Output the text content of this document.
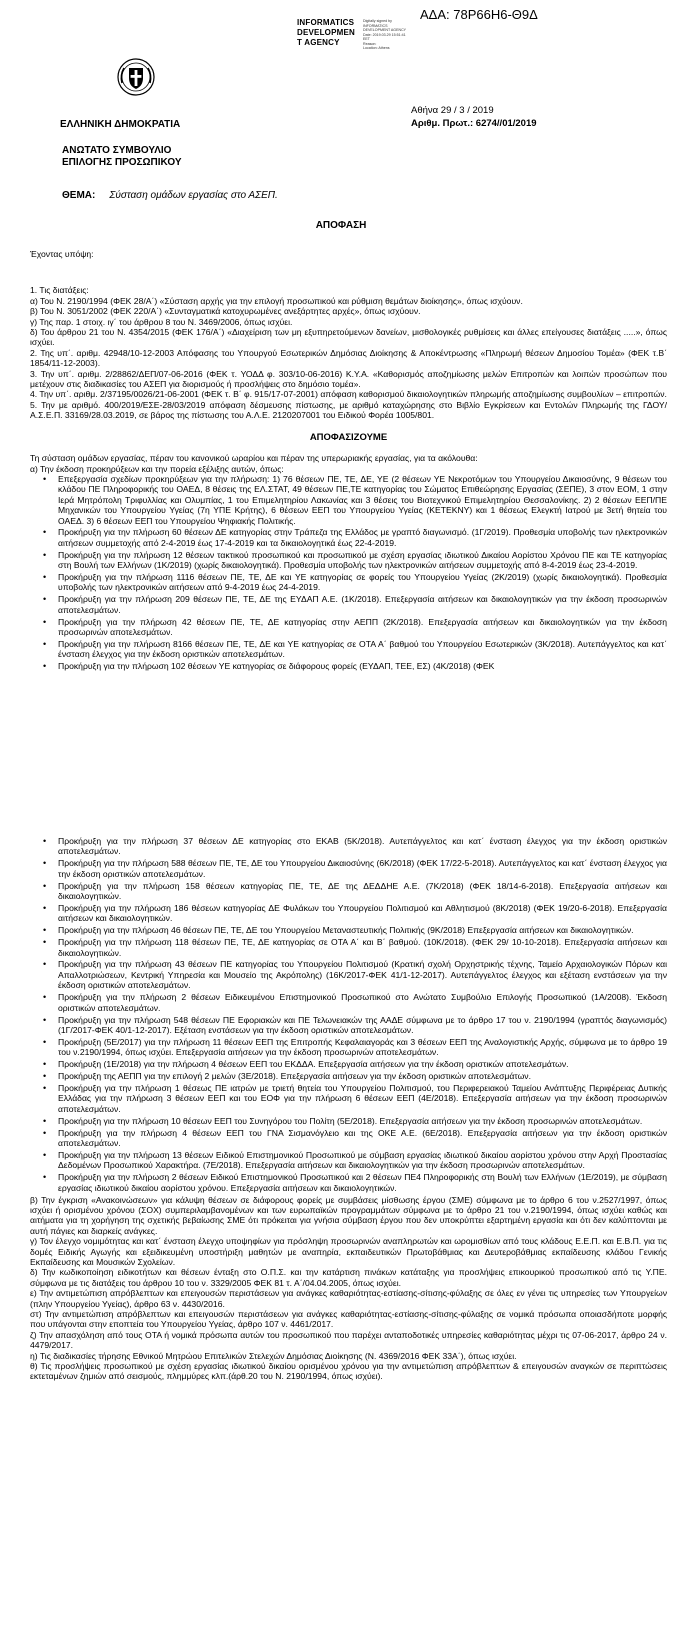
ΑΔΑ: 78Ρ66Η6-Θ9Δ
INFORMATICS
DEVELOPMEN
T AGENCY
Digitally signed by
INFORMATICS
DEVELOPMENT AGENCY
Date: 2019.03.29 15:51:41
EET
Reason:
Location: Athens
ΕΛΛΗΝΙΚΗ ΔΗΜΟΚΡΑΤΙΑ
ΑΝΩΤΑΤΟ ΣΥΜΒΟΥΛΙΟ
ΕΠΙΛΟΓΗΣ ΠΡΟΣΩΠΙΚΟΥ
Αθήνα 29 / 3 / 2019
Αριθμ. Πρωτ.: 6274//01/2019
ΘΕΜΑ: Σύσταση ομάδων εργασίας στο ΑΣΕΠ.
ΑΠΟΦΑΣΗ

Έχοντας υπόψη:

1. Τις διατάξεις:

α) Του Ν. 2190/1994 (ΦΕΚ 28/Α΄) «Σύσταση αρχής για την επιλογή προσωπικού και ρύθμιση θεμάτων διοίκησης», όπως ισχύουν.

β) Του Ν. 3051/2002 (ΦΕΚ 220/Α΄) «Συνταγματικά κατοχυρωμένες ανεξάρτητες αρχές», όπως ισχύουν.

γ) Της παρ. 1 στοιχ. ιγ΄ του άρθρου 8 του Ν. 3469/2006, όπως ισχύει.

δ) Του άρθρου 21 του Ν. 4354/2015 (ΦΕΚ 176/Α΄) «Διαχείριση των μη εξυπηρετούμενων δανείων, μισθολογικές ρυθμίσεις και άλλες επείγουσες διατάξεις .....», όπως ισχύει.

2. Της υπ΄. αριθμ. 42948/10-12-2003 Απόφασης του Υπουργού Εσωτερικών Δημόσιας Διοίκησης & Αποκέντρωσης «Πληρωμή θέσεων Δημοσίου Τομέα» (ΦΕΚ τ.Β΄ 1854/11-12-2003).

3. Την υπ΄. αριθμ. 2/28862/ΔΕΠ/07-06-2016 (ΦΕΚ τ. ΥΟΔΔ φ. 303/10-06-2016) Κ.Υ.Α. «Καθορισμός αποζημίωσης μελών Επιτροπών και λοιπών προσώπων που μετέχουν στις διαδικασίες του ΑΣΕΠ για διορισμούς ή προσλήψεις στο δημόσιο τομέα».

4. Την υπ΄. αριθμ. 2/37195/0026/21-06-2001 (ΦΕΚ τ. Β΄ φ. 915/17-07-2001) απόφαση καθορισμού δικαιολογητικών πληρωμής αποζημίωσης συμβουλίων – επιτροπών.

5. Την με αριθμό. 400/2019/ΕΣΕ-28/03/2019 απόφαση δέσμευσης πίστωσης, με αριθμό καταχώρησης στο Βιβλίο Εγκρίσεων και Εντολών Πληρωμής της ΓΔΟΥ/Α.Σ.Ε.Π. 33169/28.03.2019, σε βάρος της πίστωσης του Α.Λ.Ε. 2120207001 του Ειδικού Φορέα 1005/801.

ΑΠΟΦΑΣΙΖΟΥΜΕ

Τη σύσταση ομάδων εργασίας, πέραν του κανονικού ωραρίου και πέραν της υπερωριακής εργασίας, για τα ακόλουθα:

α) Την έκδοση προκηρύξεων και την πορεία εξέλιξης αυτών, όπως:

• Επεξεργασία σχεδίων προκηρύξεων για την πλήρωση: 1) 76 θέσεων ΠΕ, ΤΕ, ΔΕ, ΥΕ (2 θέσεων ΥΕ Νεκροτόμων του Υπουργείου Δικαιοσύνης, 9 θέσεων του κλάδου ΠΕ Πληροφορικής του ΟΑΕΔ, 8 θέσεις της ΕΛ.ΣΤΑΤ, 49 θέσεων ΠΕ,ΤΕ κατηγορίας του Σώματος Επιθεώρησης Εργασίας (ΣΕΠΕ), 3 στον ΕΟΜ, 1 στην Ιερά Μητρόπολη Τριφυλλίας και Ολυμπίας, 1 του Επιμελητηρίου Λακωνίας και 3 θέσεις του Βιοτεχνικού Επιμελητηρίου Θεσσαλονίκης. 2) 2 θέσεων ΕΕΠ/ΠΕ Μηχανικών του Υπουργείου Υγείας (7η ΥΠΕ Κρήτης), 6 θέσεων ΕΕΠ του Υπουργείου Υγείας (ΚΕΤΕΚΝΥ) και 1 θέσεως Ελεγκτή Ιατρού με 3ετή θητεία του ΟΑΕΔ. 3) 6 θέσεων ΕΕΠ του Υπουργείου Ψηφιακής Πολιτικής.
• Προκήρυξη για την πλήρωση 60 θέσεων ΔΕ κατηγορίας στην Τράπεζα της Ελλάδος με γραπτό διαγωνισμό. (1Γ/2019). Προθεσμία υποβολής των ηλεκτρονικών αιτήσεων συμμετοχής από 2-4-2019 έως 17-4-2019 και τα δικαιολογητικά έως 22-4-2019.
• Προκήρυξη για την πλήρωση 12 θέσεων τακτικού προσωπικού και προσωπικού με σχέση εργασίας ιδιωτικού Δικαίου Αορίστου Χρόνου ΠΕ και ΤΕ κατηγορίας στη Βουλή των Ελλήνων (1Κ/2019) (χωρίς δικαιολογητικά). Προθεσμία υποβολής των ηλεκτρονικών αιτήσεων συμμετοχής από 8-4-2019 έως 23-4-2019.
• Προκήρυξη για την πλήρωση 1116 θέσεων ΠΕ, ΤΕ, ΔΕ και ΥΕ κατηγορίας σε φορείς του Υπουργείου Υγείας (2Κ/2019) (χωρίς δικαιολογητικά). Προθεσμία υποβολής των ηλεκτρονικών αιτήσεων από 9-4-2019 έως 24-4-2019.
• Προκήρυξη για την πλήρωση 209 θέσεων ΠΕ, ΤΕ, ΔΕ της ΕΥΔΑΠ Α.Ε. (1Κ/2018). Επεξεργασία αιτήσεων και δικαιολογητικών για την έκδοση προσωρινών αποτελεσμάτων.
• Προκήρυξη για την πλήρωση 42 θέσεων ΠΕ, ΤΕ, ΔΕ κατηγορίας στην ΑΕΠΠ (2Κ/2018). Επεξεργασία αιτήσεων και δικαιολογητικών για την έκδοση προσωρινών αποτελεσμάτων.
• Προκήρυξη για την πλήρωση 8166 θέσεων ΠΕ, ΤΕ, ΔΕ και ΥΕ κατηγορίας σε ΟΤΑ Α΄ βαθμού του Υπουργείου Εσωτερικών (3Κ/2018). Αυτεπάγγελτος και κατ΄ ένσταση έλεγχος για την έκδοση οριστικών αποτελεσμάτων.
• Προκήρυξη για την πλήρωση 102 θέσεων ΥΕ κατηγορίας σε διάφορους φορείς (ΕΥΔΑΠ, ΤΕΕ, ΕΣ) (4Κ/2018) (ΦΕΚ
• Προκήρυξη για την πλήρωση 37 θέσεων ΔΕ κατηγορίας στο ΕΚΑΒ (5Κ/2018). Αυτεπάγγελτος και κατ΄ ένσταση έλεγχος για την έκδοση οριστικών αποτελεσμάτων.
• Προκήρυξη για την πλήρωση 588 θέσεων ΠΕ, ΤΕ, ΔΕ του Υπουργείου Δικαιοσύνης (6Κ/2018) (ΦΕΚ 17/22-5-2018). Αυτεπάγγελτος και κατ΄ ένσταση έλεγχος για την έκδοση οριστικών αποτελεσμάτων.
• Προκήρυξη για την πλήρωση 158 θέσεων κατηγορίας ΠΕ, ΤΕ, ΔΕ της ΔΕΔΔΗΕ Α.Ε. (7Κ/2018) (ΦΕΚ 18/14-6-2018). Επεξεργασία αιτήσεων και δικαιολογητικών.
• Προκήρυξη για την πλήρωση 186 θέσεων κατηγορίας ΔΕ Φυλάκων του Υπουργείου Πολιτισμού και Αθλητισμού (8Κ/2018) (ΦΕΚ 19/20-6-2018). Επεξεργασία αιτήσεων και δικαιολογητικών.
• Προκήρυξη για την πλήρωση 46 θέσεων ΠΕ, ΤΕ, ΔΕ του Υπουργείου Μεταναστευτικής Πολιτικής (9Κ/2018) Επεξεργασία αιτήσεων και δικαιολογητικών.
• Προκήρυξη για την πλήρωση 118 θέσεων ΠΕ, ΤΕ, ΔΕ κατηγορίας σε ΟΤΑ Α΄ και Β΄ βαθμού. (10Κ/2018). (ΦΕΚ 29/ 10-10-2018). Επεξεργασία αιτήσεων και δικαιολογητικών.
• Προκήρυξη για την πλήρωση 43 θέσεων ΠΕ κατηγορίας του Υπουργείου Πολιτισμού (Κρατική σχολή Ορχηστρικής τέχνης, Ταμείο Αρχαιολογικών Πόρων και Απαλλοτριώσεων, Κεντρική Υπηρεσία και Μουσείο της Ακρόπολης) (16Κ/2017-ΦΕΚ 41/1-12-2017). Αυτεπάγγελτος έλεγχος και εξέταση ενστάσεων για την έκδοση οριστικών αποτελεσμάτων.
• Προκήρυξη για την πλήρωση 2 θέσεων Ειδικευμένου Επιστημονικού Προσωπικού στο Ανώτατο Συμβούλιο Επιλογής Προσωπικού (1Α/2008). Έκδοση οριστικών αποτελεσμάτων.
• Προκήρυξη για την πλήρωση 548 θέσεων ΠΕ Εφοριακών και ΠΕ Τελωνειακών της ΑΑΔΕ σύμφωνα με το άρθρο 17 του ν. 2190/1994 (γραπτός διαγωνισμός) (1Γ/2017-ΦΕΚ 40/1-12-2017). Εξέταση ενστάσεων για την έκδοση οριστικών αποτελεσμάτων.
• Προκήρυξη (5Ε/2017) για την πλήρωση 11 θέσεων ΕΕΠ της Επιτροπής Κεφαλαιαγοράς και 3 θέσεων ΕΕΠ της Αναλογιστικής Αρχής, σύμφωνα με το άρθρο 19 του ν.2190/1994, όπως ισχύει. Επεξεργασία αιτήσεων για την έκδοση προσωρινών αποτελεσμάτων.
• Προκήρυξη (1Ε/2018) για την πλήρωση 4 θέσεων ΕΕΠ του ΕΚΔΔΑ. Επεξεργασία αιτήσεων για την έκδοση οριστικών αποτελεσμάτων.
• Προκήρυξη της ΑΕΠΠ για την επιλογή 2 μελών (3Ε/2018). Επεξεργασία αιτήσεων για την έκδοση οριστικών αποτελεσμάτων.
• Προκήρυξη για την πλήρωση 1 θέσεως ΠΕ ιατρών με τριετή θητεία του Υπουργείου Πολιτισμού, του Περιφερειακού Ταμείου Ανάπτυξης Περιφέρειας Δυτικής Ελλάδας για την πλήρωση 3 θέσεων ΕΕΠ και του ΕΟΦ για την πλήρωση 6 θέσεων ΕΕΠ (4Ε/2018). Επεξεργασία αιτήσεων για την έκδοση προσωρινών αποτελεσμάτων.
• Προκήρυξη για την πλήρωση 10 θέσεων ΕΕΠ του Συνηγόρου του Πολίτη (5Ε/2018). Επεξεργασία αιτήσεων για την έκδοση προσωρινών αποτελεσμάτων.
• Προκήρυξη για την πλήρωση 4 θέσεων ΕΕΠ του ΓΝΑ Σισμανόγλειο και της ΟΚΕ Α.Ε. (6Ε/2018). Επεξεργασία αιτήσεων για την έκδοση οριστικών αποτελεσμάτων.
• Προκήρυξη για την πλήρωση 13 θέσεων Ειδικού Επιστημονικού Προσωπικού με σύμβαση εργασίας ιδιωτικού δικαίου αορίστου χρόνου στην Αρχή Προστασίας Δεδομένων Προσωπικού Χαρακτήρα. (7Ε/2018). Επεξεργασία αιτήσεων και δικαιολογητικών για την έκδοση προσωρινών αποτελεσμάτων.
• Προκήρυξη για την πλήρωση 2 θέσεων Ειδικού Επιστημονικού Προσωπικού και 2 θέσεων ΠΕ4 Πληροφορικής στη Βουλή των Ελλήνων (1Ε/2019), με σύμβαση εργασίας ιδιωτικού δικαίου αορίστου χρόνου. Επεξεργασία αιτήσεων και δικαιολογητικών.

β) Την έγκριση «Ανακοινώσεων» για κάλυψη θέσεων σε διάφορους φορείς με συμβάσεις μίσθωσης έργου (ΣΜΕ) σύμφωνα με το άρθρο 6 του ν.2527/1997, όπως ισχύει ή ορισμένου χρόνου (ΣΟΧ) συμπεριλαμβανομένων και των ευρωπαϊκών προγραμμάτων σύμφωνα με το άρθρο 21 του ν.2190/1994, όπως ισχύει καθώς και αιτήματα για τη χορήγηση της σχετικής βεβαίωσης ΣΜΕ ότι πρόκειται για γνήσια σύμβαση έργου που δεν υποκρύπτει εξαρτημένη εργασία και ότι δεν καλύπτονται με αυτή πάγιες και διαρκείς ανάγκες.

γ) Τον έλεγχο νομιμότητας και κατ΄ ένσταση έλεγχο υποψηφίων για πρόσληψη προσωρινών αναπληρωτών και ωρομισθίων από τους κλάδους Ε.Ε.Π. και Ε.Β.Π. για τις δομές Ειδικής Αγωγής και εξειδικευμένη υποστήριξη μαθητών με αναπηρία, εκπαιδευτικών Πρωτοβάθμιας και Δευτεροβάθμιας εκπαίδευσης κλάδου Γενικής Εκπαίδευσης και Μουσικών Σχολείων.

δ) Την κωδικοποίηση ειδικοτήτων και θέσεων ένταξη στο Ο.Π.Σ. και την κατάρτιση πινάκων κατάταξης για προσλήψεις επικουρικού προσωπικού από τις Υ.ΠΕ. σύμφωνα με τις διατάξεις του άρθρου 10 του ν. 3329/2005 ΦΕΚ 81 τ. Α΄/04.04.2005, όπως ισχύει.

ε) Την αντιμετώπιση απρόβλεπτων και επειγουσών περιστάσεων για ανάγκες καθαριότητας-εστίασης-σίτισης-φύλαξης σε όλες εν γένει τις υπηρεσίες των Υπουργείων (πλην Υπουργείου Υγείας), άρθρο 63 ν. 4430/2016.

στ) Την αντιμετώπιση απρόβλεπτων και επειγουσών περιστάσεων για ανάγκες καθαριότητας-εστίασης-σίτισης-φύλαξης σε νομικά πρόσωπα οποιασδήποτε μορφής που υπάγονται στην εποπτεία του Υπουργείου Υγείας, άρθρο 107 ν. 4461/2017.

ζ) Την απασχόληση από τους ΟΤΑ ή νομικά πρόσωπα αυτών του προσωπικού που παρέχει ανταποδοτικές υπηρεσίες καθαριότητας μέχρι τις 07-06-2017, άρθρο 24 ν. 4479/2017.

η) Τις διαδικασίες τήρησης Εθνικού Μητρώου Επιτελικών Στελεχών Δημόσιας Διοίκησης (Ν. 4369/2016 ΦΕΚ 33Α΄), όπως ισχύει.

θ) Τις προσλήψεις προσωπικού με σχέση εργασίας ιδιωτικού δικαίου ορισμένου χρόνου για την αντιμετώπιση απρόβλεπτων & επειγουσών αναγκών σε περιπτώσεις εκτεταμένων ζημιών από σεισμούς, πλημμύρες κλπ.(άρθ.20 του Ν. 2190/1994, όπως ισχύει).
